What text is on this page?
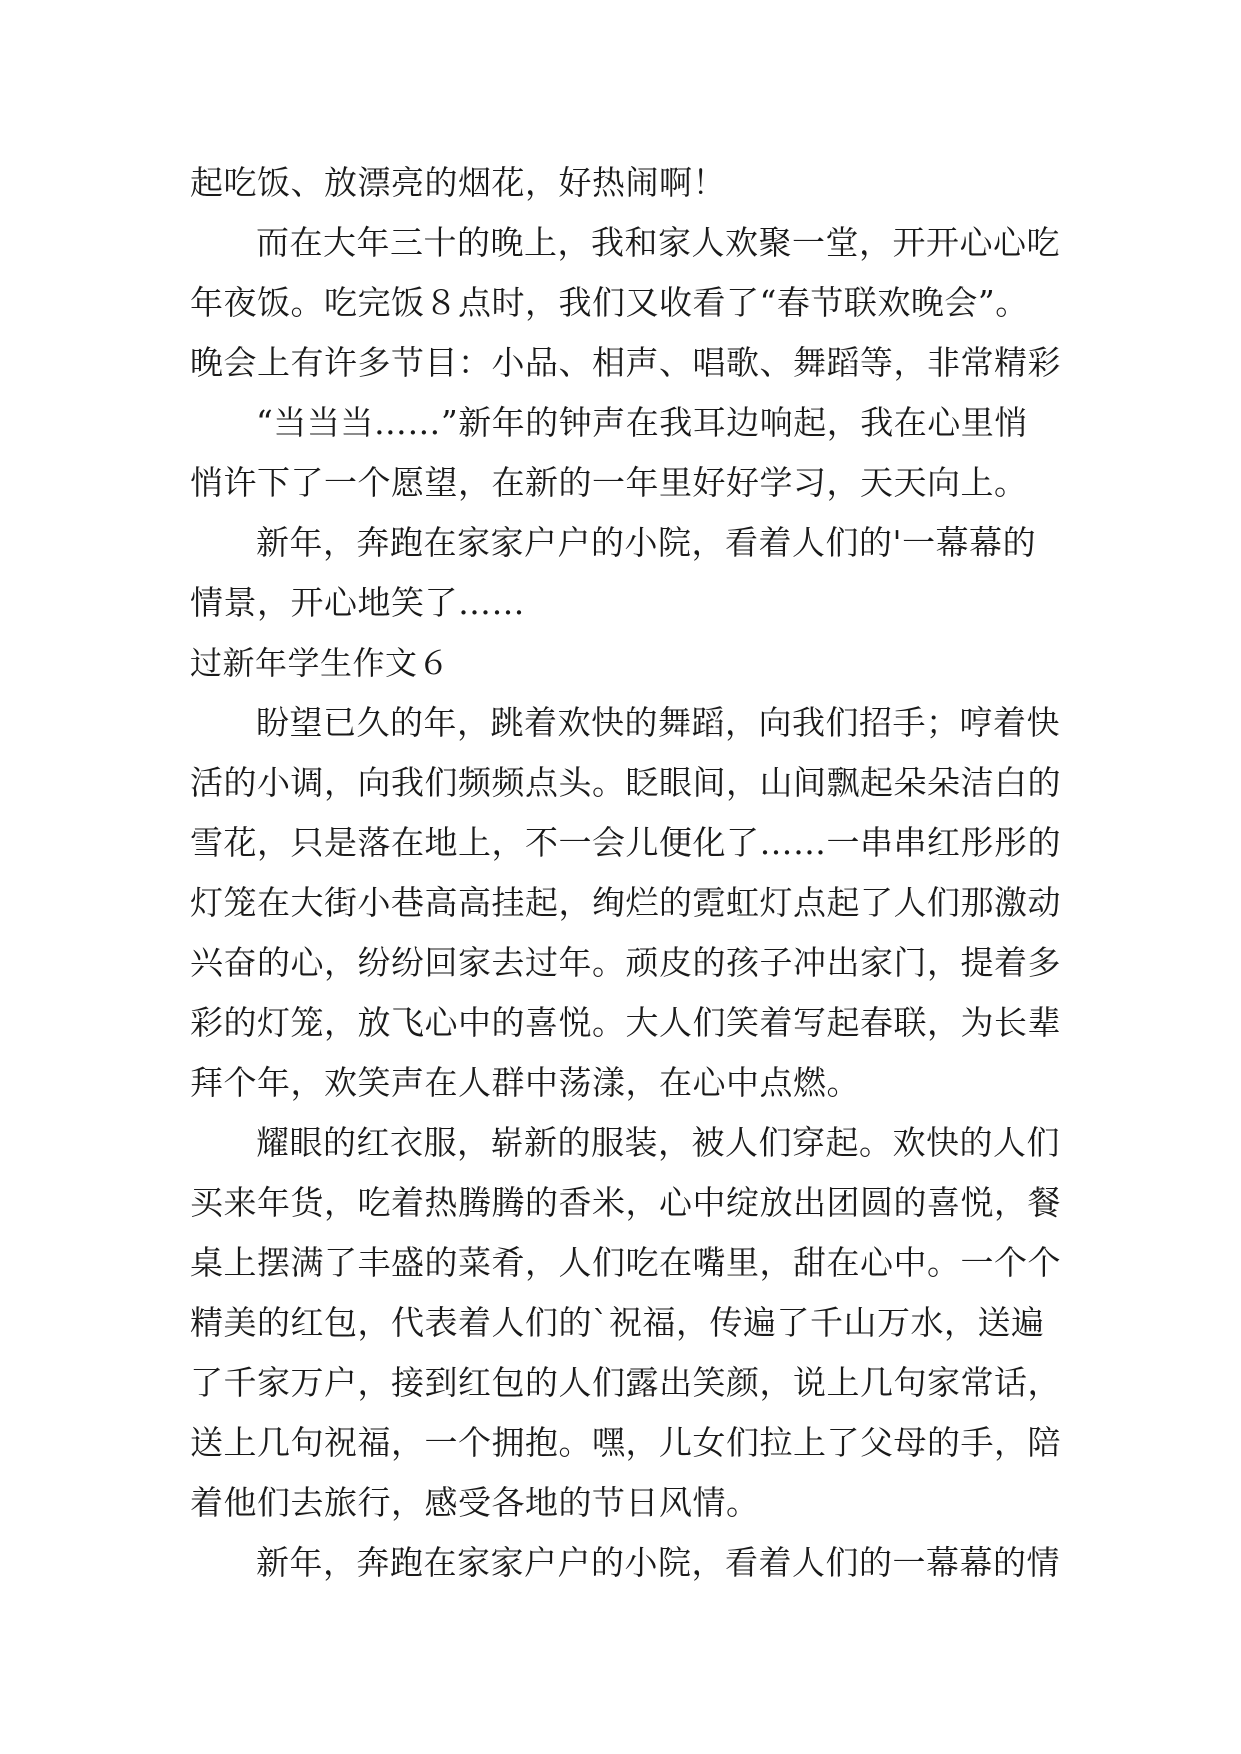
起吃饭、放漂亮的烟花，好热闹啊！
而在大年三十的晚上，我和家人欢聚一堂，开开心心吃
年夜饭。吃完饭８点时，我们又收看了“春节联欢晚会”。
晚会上有许多节目：小品、相声、唱歌、舞蹈等，非常精彩
“当当当……”新年的钟声在我耳边响起，我在心里悄
悄许下了一个愿望，在新的一年里好好学习，天天向上。
新年，奔跑在家家户户的小院，看着人们的'一幕幕的
情景，开心地笑了……
过新年学生作文６
盼望已久的年，跳着欢快的舞蹈，向我们招手；哼着快
活的小调，向我们频频点头。眨眼间，山间飘起朵朵洁白的
雪花，只是落在地上，不一会儿便化了……一串串红彤彤的
灯笼在大街小巷高高挂起，绚烂的霓虹灯点起了人们那激动
兴奋的心，纷纷回家去过年。顽皮的孩子冲出家门，提着多
彩的灯笼，放飞心中的喜悦。大人们笑着写起春联，为长辈
拜个年，欢笑声在人群中荡漾，在心中点燃。
耀眼的红衣服，崭新的服装，被人们穿起。欢快的人们
买来年货，吃着热腾腾的香米，心中绽放出团圆的喜悦，餐
桌上摆满了丰盛的菜肴，人们吃在嘴里，甜在心中。一个个
精美的红包，代表着人们的`祝福，传遍了千山万水，送遍
了千家万户，接到红包的人们露出笑颜，说上几句家常话，
送上几句祝福，一个拥抱。嘿，儿女们拉上了父母的手，陪
着他们去旅行，感受各地的节日风情。
新年，奔跑在家家户户的小院，看着人们的一幕幕的情
